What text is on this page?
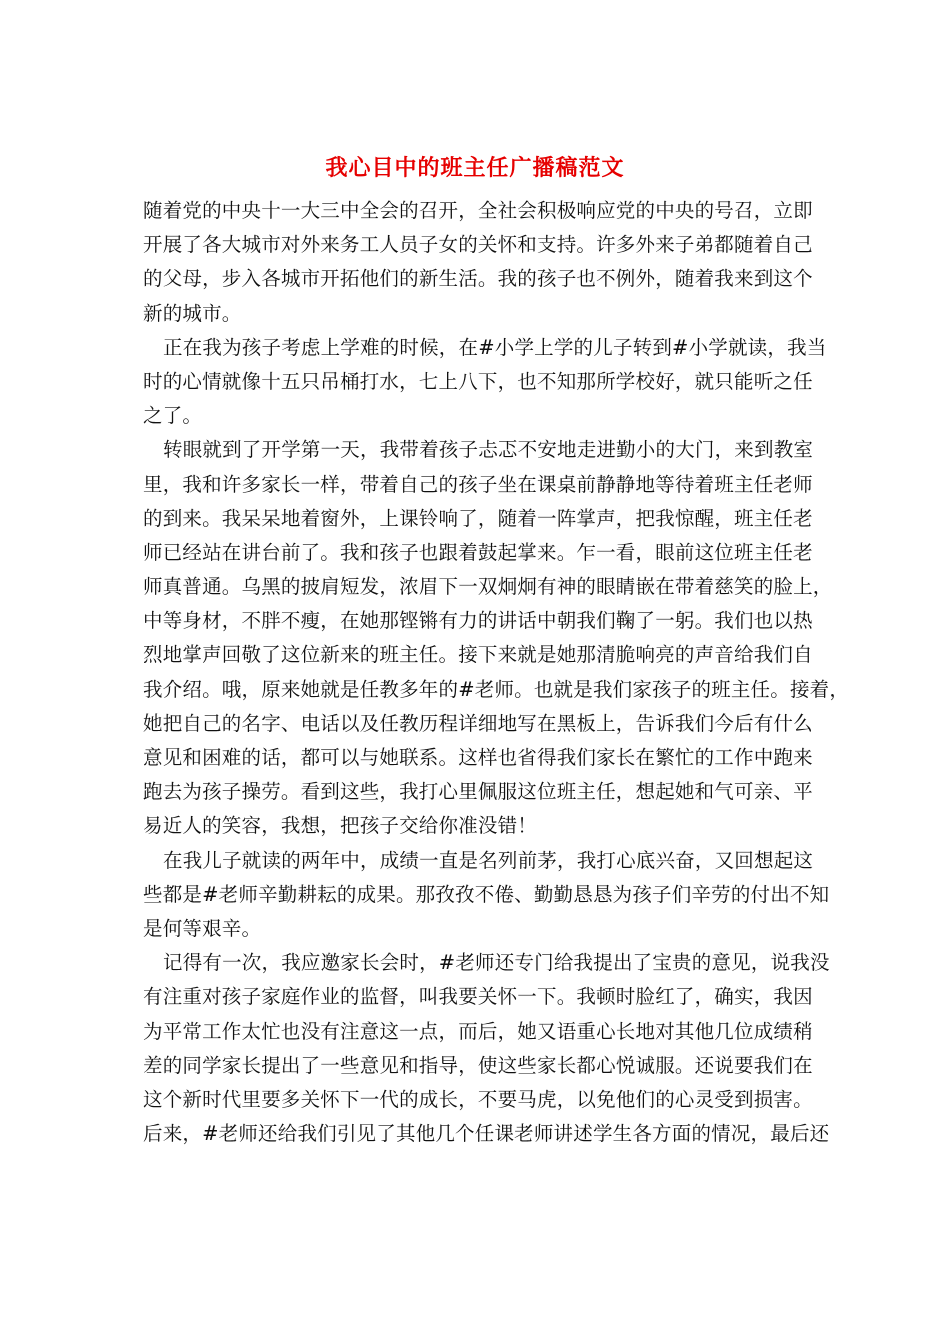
我心目中的班主任广播稿范文
随着党的中央十一大三中全会的召开，全社会积极响应党的中央的号召，立即
开展了各大城市对外来务工人员子女的关怀和支持。许多外来子弟都随着自己
的父母，步入各城市开拓他们的新生活。我的孩子也不例外，随着我来到这个
新的城市。
正在我为孩子考虑上学难的时候，在#小学上学的儿子转到#小学就读，我当
时的心情就像十五只吊桶打水，七上八下，也不知那所学校好，就只能听之任
之了。
转眼就到了开学第一天，我带着孩子忐忑不安地走进勤小的大门，来到教室
里，我和许多家长一样，带着自己的孩子坐在课桌前静静地等待着班主任老师
的到来。我呆呆地着窗外，上课铃响了，随着一阵掌声，把我惊醒，班主任老
师已经站在讲台前了。我和孩子也跟着鼓起掌来。乍一看，眼前这位班主任老
师真普通。乌黑的披肩短发，浓眉下一双炯炯有神的眼睛嵌在带着慈笑的脸上，
中等身材，不胖不瘦，在她那铿锵有力的讲话中朝我们鞠了一躬。我们也以热
烈地掌声回敬了这位新来的班主任。接下来就是她那清脆响亮的声音给我们自
我介绍。哦，原来她就是任教多年的#老师。也就是我们家孩子的班主任。接着，
她把自己的名字、电话以及任教历程详细地写在黑板上，告诉我们今后有什么
意见和困难的话，都可以与她联系。这样也省得我们家长在繁忙的工作中跑来
跑去为孩子操劳。看到这些，我打心里佩服这位班主任，想起她和气可亲、平
易近人的笑容，我想，把孩子交给你准没错！
在我儿子就读的两年中，成绩一直是名列前茅，我打心底兴奋，又回想起这
些都是#老师辛勤耕耘的成果。那孜孜不倦、勤勤恳恳为孩子们辛劳的付出不知
是何等艰辛。
记得有一次，我应邀家长会时，#老师还专门给我提出了宝贵的意见，说我没
有注重对孩子家庭作业的监督，叫我要关怀一下。我顿时脸红了，确实，我因
为平常工作太忙也没有注意这一点，而后，她又语重心长地对其他几位成绩稍
差的同学家长提出了一些意见和指导，使这些家长都心悦诚服。还说要我们在
这个新时代里要多关怀下一代的成长，不要马虎，以免他们的心灵受到损害。
后来，#老师还给我们引见了其他几个任课老师讲述学生各方面的情况，最后还
